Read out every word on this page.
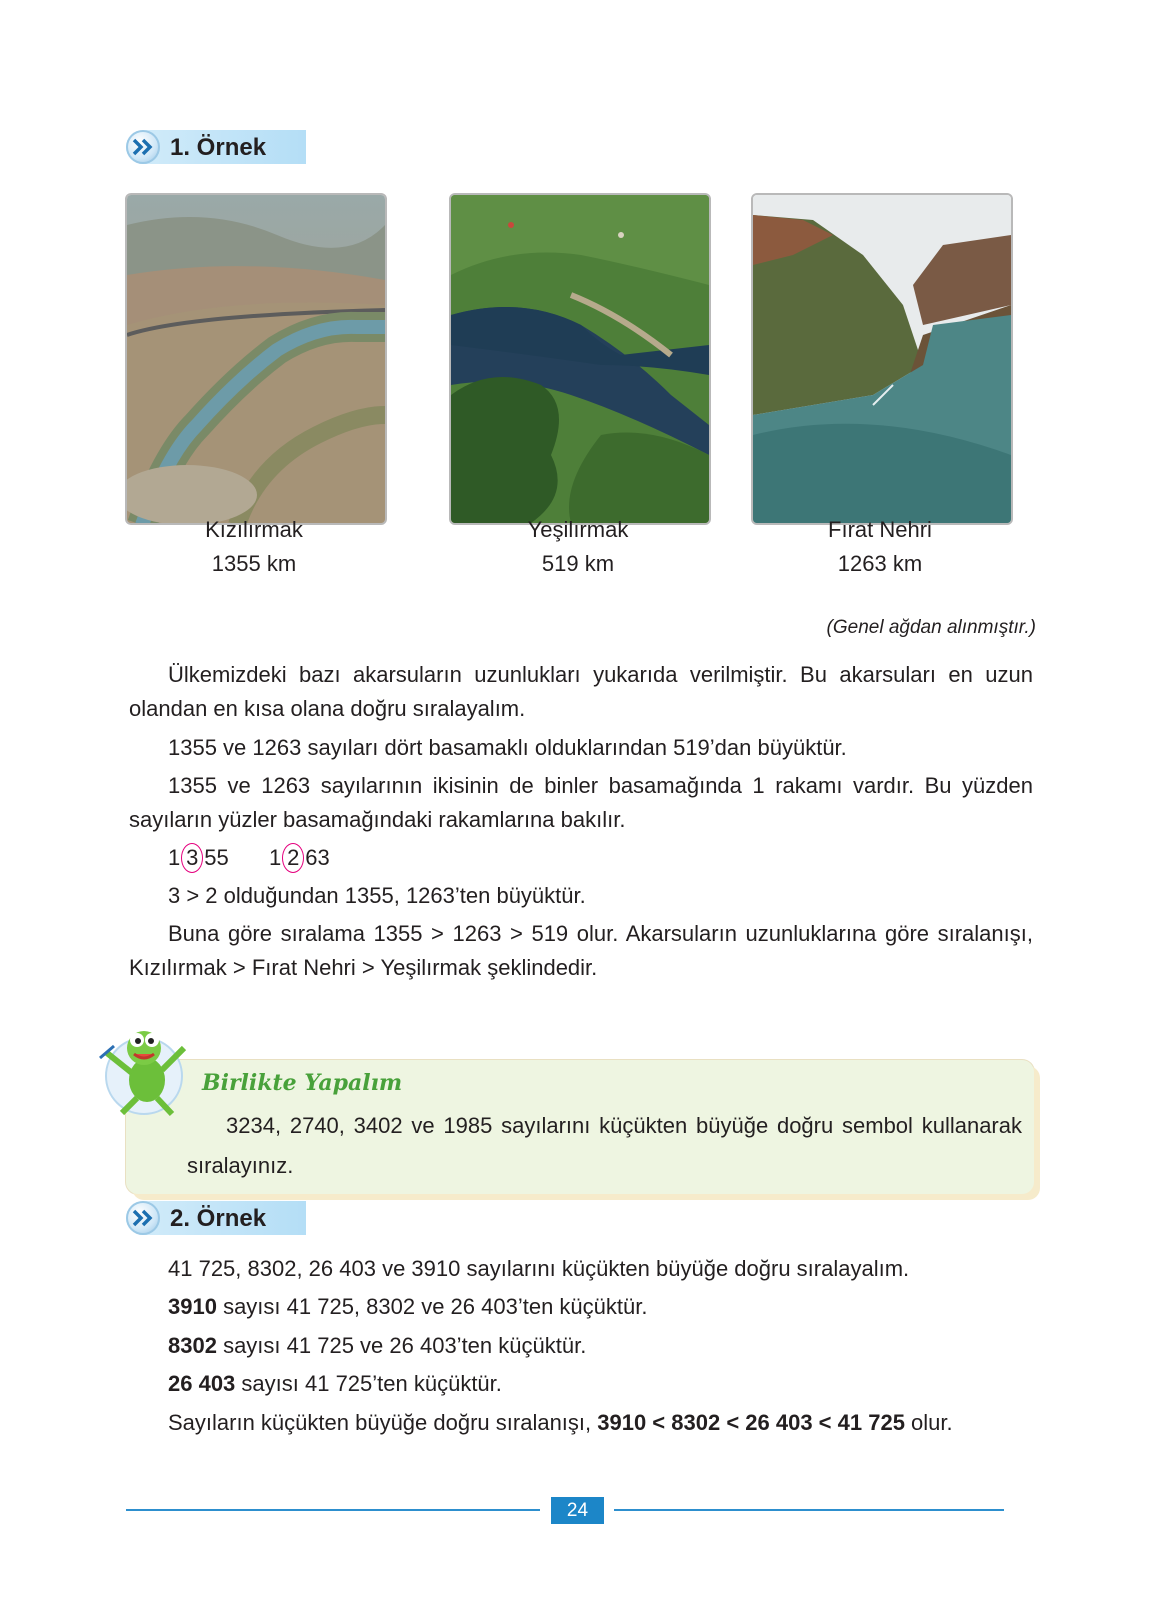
1. Örnek
Kızılırmak
1355 km
Yeşilırmak
519 km
Fırat Nehri
1263 km
(Genel ağdan alınmıştır.)
Ülkemizdeki bazı akarsuların uzunlukları yukarıda verilmiştir. Bu akarsuları en uzun olandan en kısa olana doğru sıralayalım.
1355 ve 1263 sayıları dört basamaklı olduklarından 519’dan büyüktür.
1355 ve 1263 sayılarının ikisinin de binler basamağında 1 rakamı vardır. Bu yüzden sayıların yüzler basamağındaki rakamlarına bakılır.
1 3 55 1 2 63
3 > 2 olduğundan 1355, 1263’ten büyüktür.
Buna göre sıralama 1355 > 1263 > 519 olur. Akarsuların uzunluklarına göre sıralanışı, Kızılırmak > Fırat Nehri > Yeşilırmak şeklindedir.
Birlikte Yapalım
3234, 2740, 3402 ve 1985 sayılarını küçükten büyüğe doğru sembol kullanarak sıralayınız.
2. Örnek
41 725, 8302, 26 403 ve 3910 sayılarını küçükten büyüğe doğru sıralayalım.
3910 sayısı 41 725, 8302 ve 26 403’ten küçüktür.
8302 sayısı 41 725 ve 26 403’ten küçüktür.
26 403 sayısı 41 725’ten küçüktür.
Sayıların küçükten büyüğe doğru sıralanışı, 3910 < 8302 < 26 403 < 41 725 olur.
24
